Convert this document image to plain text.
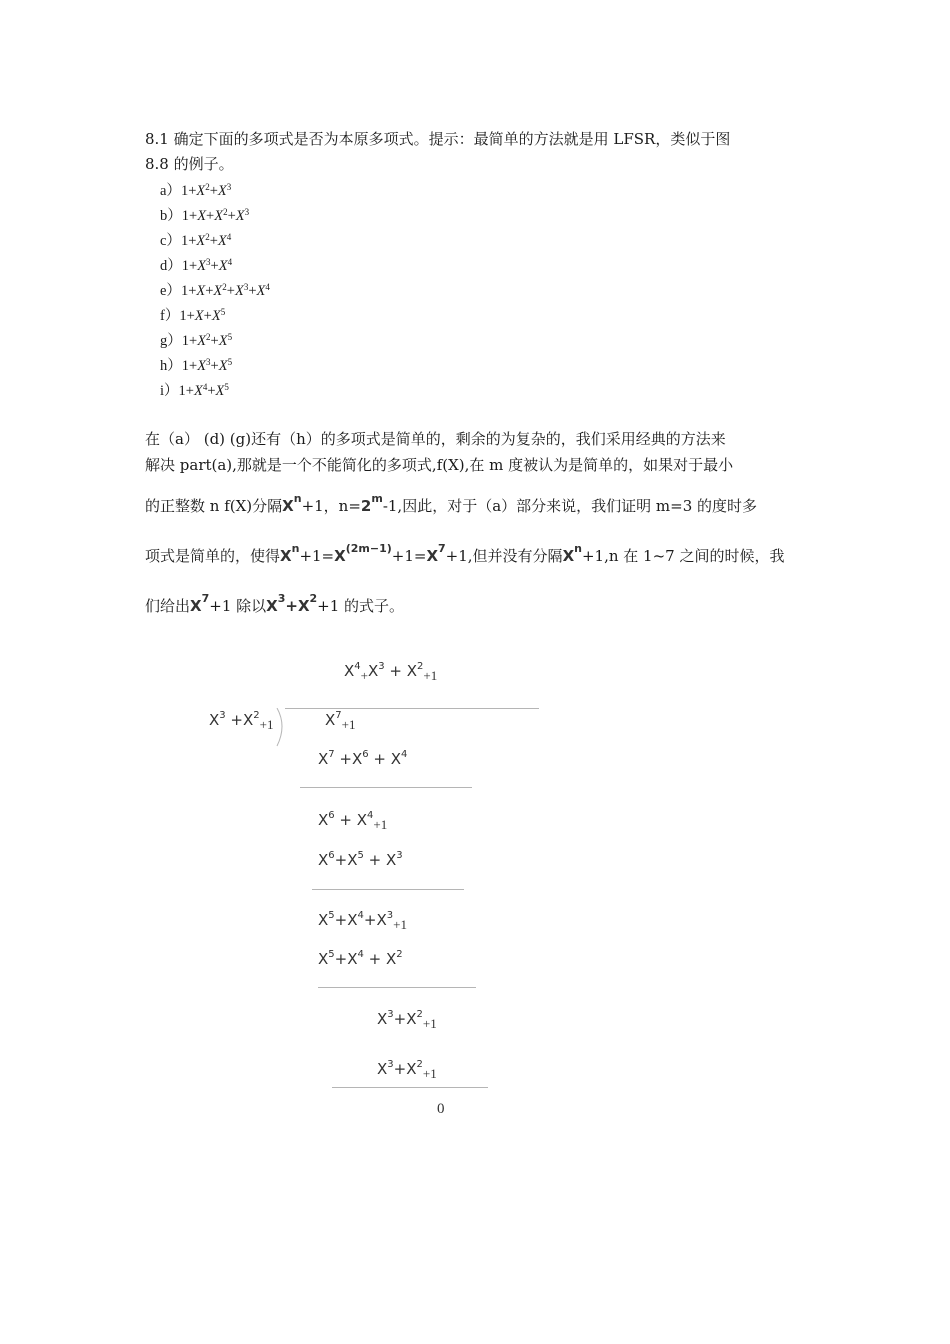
8.1 确定下面的多项式是否为本原多项式。提示：最简单的方法就是用 LFSR，类似于图
8.8 的例子。
$a)1+X^2+X^3$
$b)1+X+X^2+X^3$
$c)1+X^2+X^4$
$d)1+X^3+X^4$
$e)1+X+X^2+X^3+X^4$
$f)1+X+X^5$
$g)1+X^2+X^5$
$h)1+X^3+X^5$
$i)1+X^4+X^5$
在（a） (d) (g)还有（h）的多项式是简单的，剩余的为复杂的，我们采用经典的方法来
解决 part(a),那就是一个不能简化的多项式,f(X),在 m 度被认为是简单的，如果对于最小
的正整数 n f(X)分隔$X^n+1$，$n=2^m-1$,因此，对于（a）部分来说，我们证明 m=3 的度时多
项式是简单的，使得$X^n+1=X^{(2m-1)}+1=X^7+1$,但并没有分隔$X^n+1,n$ 在 1~7 之间的时候，我
们给出$X^7+1$ 除以$X^3+X^2+1$ 的式子。
$X^4+X^3 + X^2+1$
$X^3 +X^2+1$	$X^7+1$
$X^7 +X^6 + X^4$
$X^6 + X^4+1$
$X^6+X^5 + X^3$
$X^5+X^4+X^3+1$
$X^5+X^4 + X^2$
$X^3+X^2+1$
$X^3+X^2+1$
0
